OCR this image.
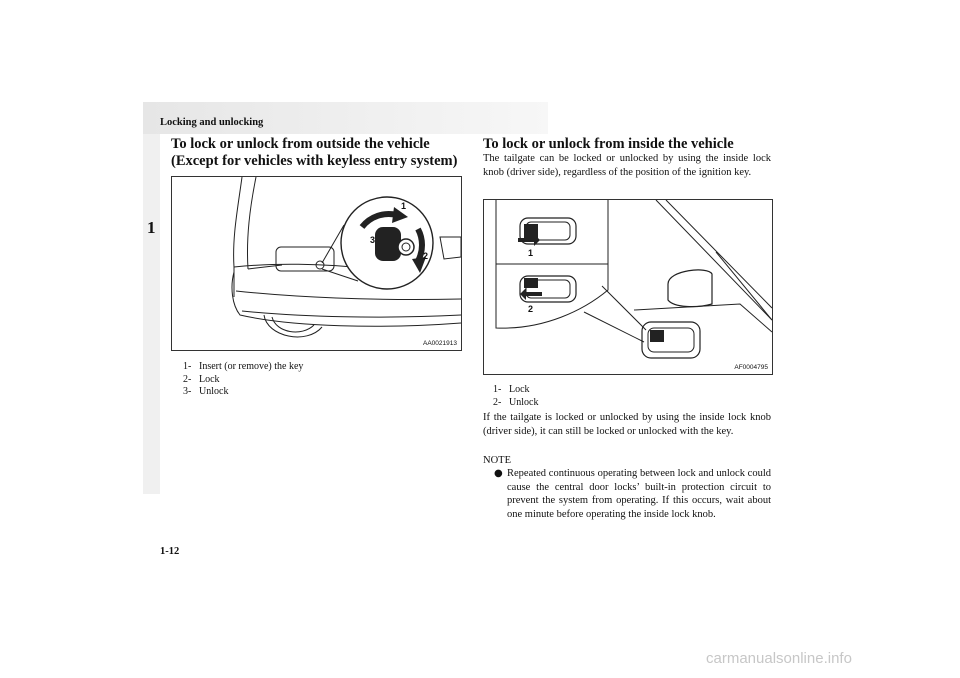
Locking and unlocking
1
To lock or unlock from outside the vehicle
(Except for vehicles with keyless entry system)
1
2
3
AA0021913
1- Insert (or remove) the key
2- Lock
3- Unlock
To lock or unlock from inside the vehicle
The tailgate can be locked or unlocked by using the inside lock knob (driver side), regardless of the position of the ignition key.
1
2
AF0004795
1- Lock
2- Unlock
If the tailgate is locked or unlocked by using the inside lock knob (driver side), it can still be locked or unlocked with the key.
NOTE
● Repeated continuous operating between lock and unlock could cause the central door locks’ built-in protection circuit to prevent the system from operating. If this occurs, wait about one minute before operating the inside lock knob.
1-12
carmanualsonline.info
